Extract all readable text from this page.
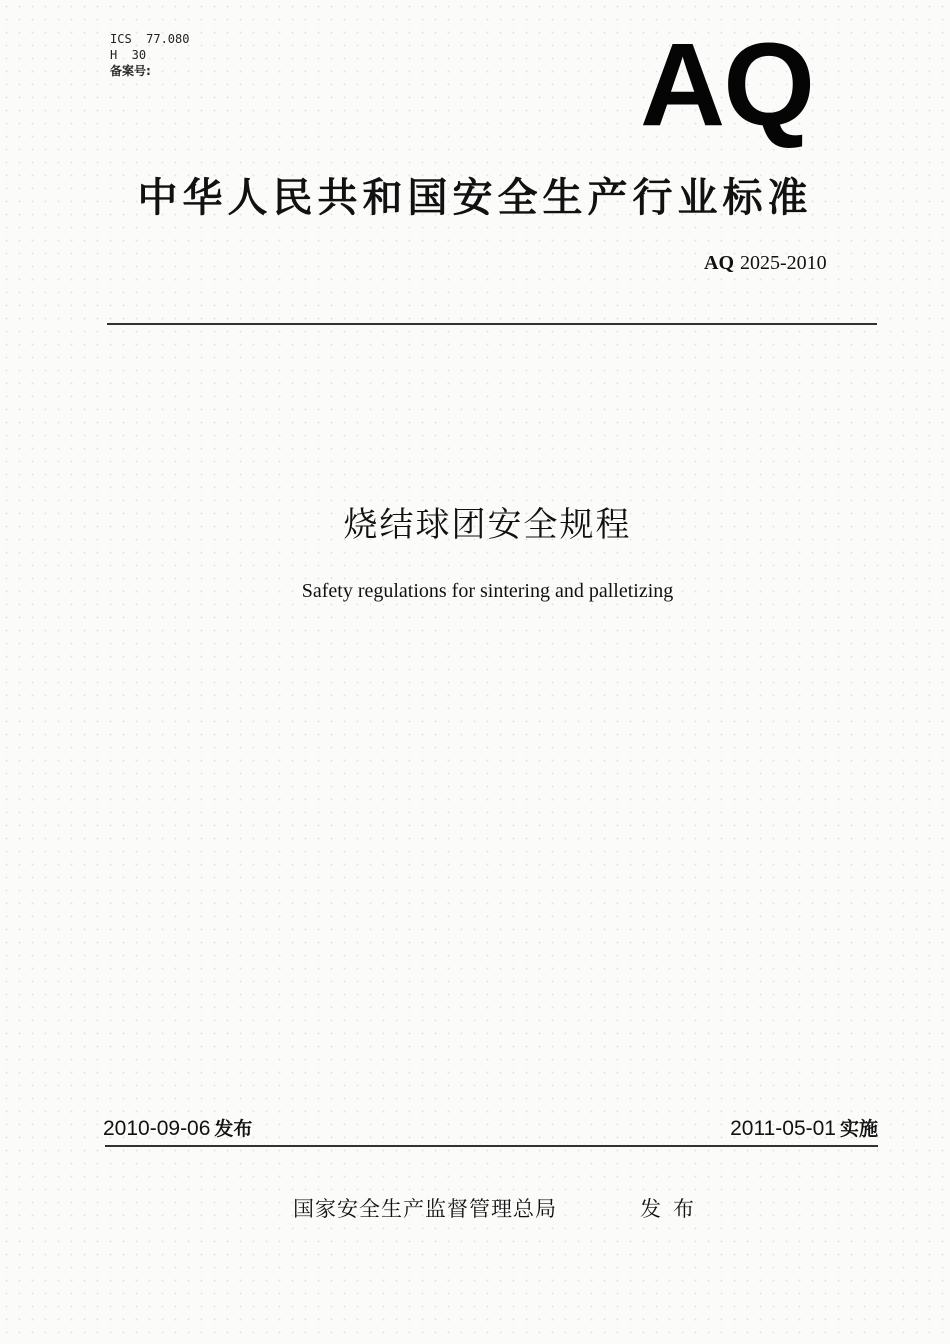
ICS  77.080
H  30
备案号:	AQ
中华人民共和国安全生产行业标准
AQ 2025-2010
烧结球团安全规程
Safety regulations for sintering and palletizing
2010-09-06 发布	2011-05-01 实施
国家安全生产监督管理总局	发布
